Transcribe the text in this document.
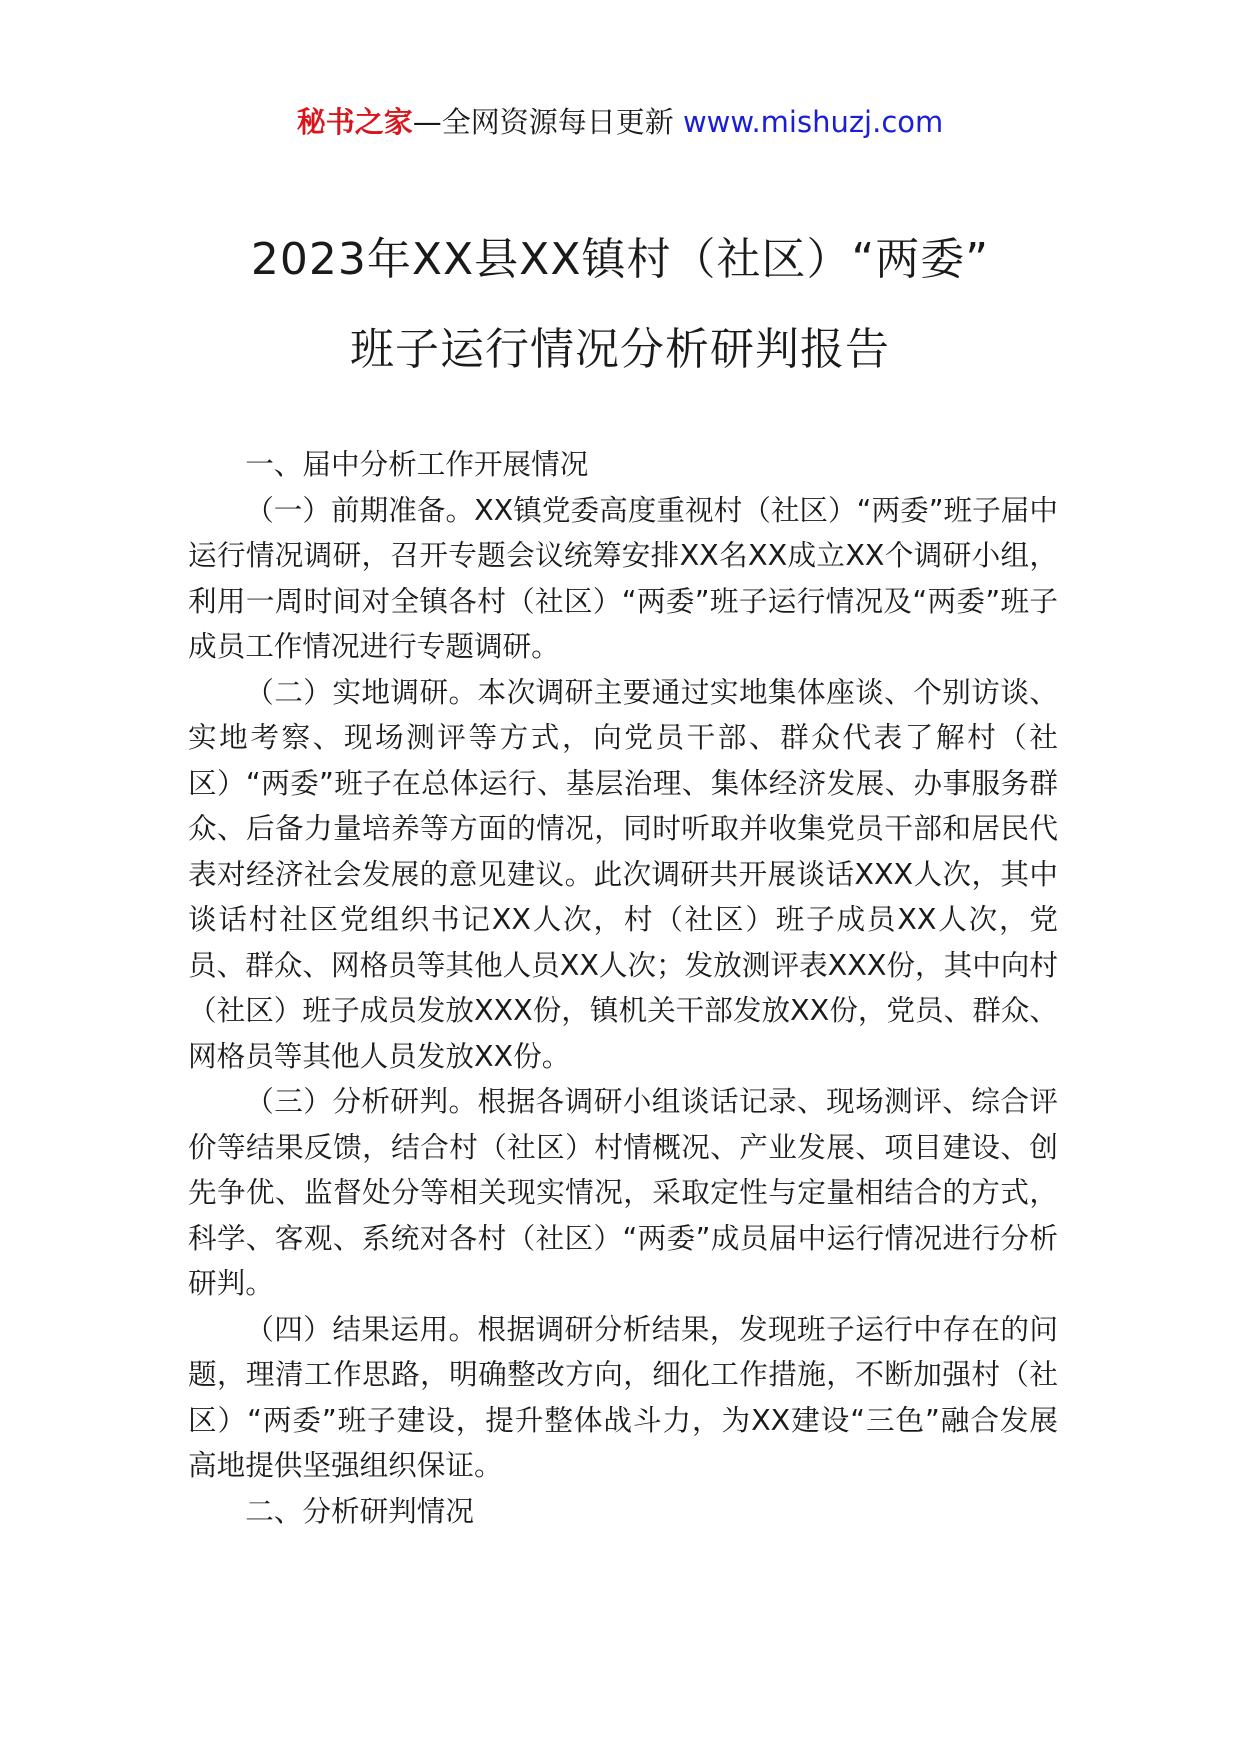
秘书之家—全网资源每日更新 www.mishuzj.com
2023年XX县XX镇村（社区）“两委”
班子运行情况分析研判报告

一、届中分析工作开展情况

（一）前期准备。XX镇党委高度重视村（社区）“两委”班子届中运行情况调研，召开专题会议统筹安排XX名XX成立XX个调研小组，利用一周时间对全镇各村（社区）“两委”班子运行情况及“两委”班子成员工作情况进行专题调研。

（二）实地调研。本次调研主要通过实地集体座谈、个别访谈、实地考察、现场测评等方式，向党员干部、群众代表了解村（社区）“两委”班子在总体运行、基层治理、集体经济发展、办事服务群众、后备力量培养等方面的情况，同时听取并收集党员干部和居民代表对经济社会发展的意见建议。此次调研共开展谈话XXX人次，其中谈话村社区党组织书记XX人次，村（社区）班子成员XX人次，党员、群众、网格员等其他人员XX人次；发放测评表XXX份，其中向村（社区）班子成员发放XXX份，镇机关干部发放XX份，党员、群众、网格员等其他人员发放XX份。

（三）分析研判。根据各调研小组谈话记录、现场测评、综合评价等结果反馈，结合村（社区）村情概况、产业发展、项目建设、创先争优、监督处分等相关现实情况，采取定性与定量相结合的方式，科学、客观、系统对各村（社区）“两委”成员届中运行情况进行分析研判。

（四）结果运用。根据调研分析结果，发现班子运行中存在的问题，理清工作思路，明确整改方向，细化工作措施，不断加强村（社区）“两委”班子建设，提升整体战斗力，为XX建设“三色”融合发展高地提供坚强组织保证。

二、分析研判情况
